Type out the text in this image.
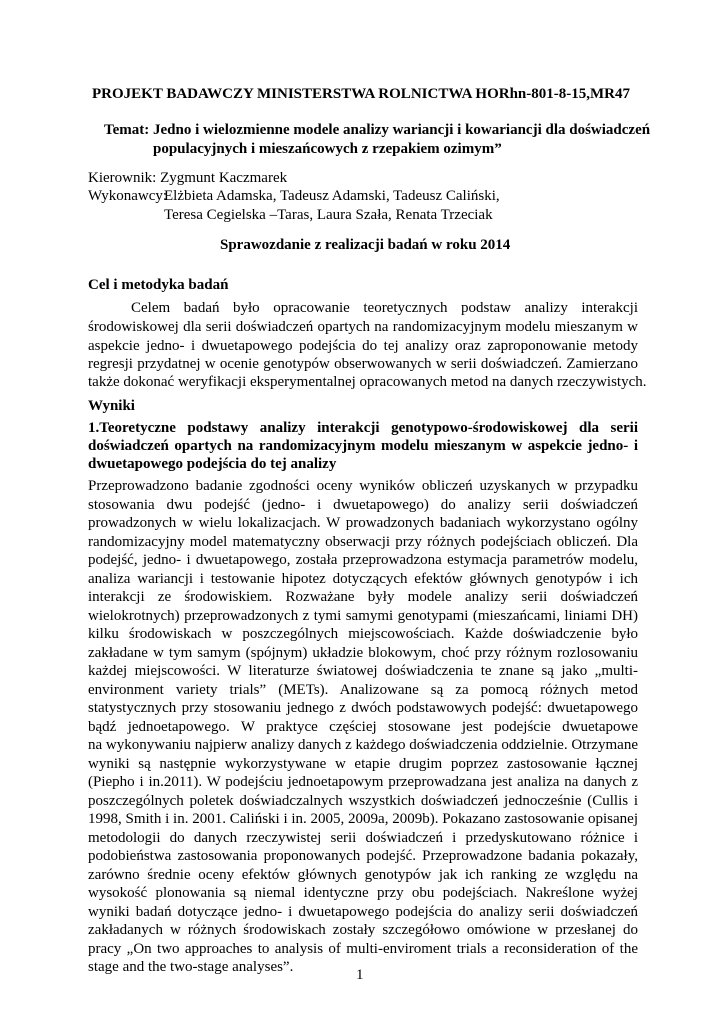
PROJEKT BADAWCZY MINISTERSTWA ROLNICTWA HORhn-801-8-15,MR47
Temat: Jedno i wielozmienne modele analizy wariancji i kowariancji dla doświadczeń
populacyjnych i mieszańcowych z rzepakiem ozimym”
Kierownik: Zygmunt Kaczmarek
Wykonawcy:
Elżbieta Adamska, Tadeusz Adamski, Tadeusz Caliński,
Teresa Cegielska –Taras, Laura Szała, Renata Trzeciak
Sprawozdanie z realizacji badań w roku 2014
Cel i metodyka badań
Celem badań było opracowanie teoretycznych podstaw analizy interakcji
środowiskowej dla serii doświadczeń opartych na randomizacyjnym modelu mieszanym w
aspekcie jedno- i dwuetapowego podejścia do tej analizy oraz zaproponowanie metody
regresji przydatnej w ocenie genotypów obserwowanych w serii doświadczeń. Zamierzano
także dokonać weryfikacji eksperymentalnej opracowanych metod na danych rzeczywistych.
Wyniki
1.Teoretyczne podstawy analizy interakcji genotypowo-środowiskowej dla serii
doświadczeń opartych na randomizacyjnym modelu mieszanym w aspekcie jedno- i
dwuetapowego podejścia do tej analizy
Przeprowadzono badanie zgodności oceny wyników obliczeń uzyskanych w przypadku
stosowania dwu podejść (jedno- i dwuetapowego) do analizy serii doświadczeń
prowadzonych w wielu lokalizacjach. W prowadzonych badaniach wykorzystano ogólny
randomizacyjny model matematyczny obserwacji przy różnych podejściach obliczeń. Dla
podejść, jedno- i dwuetapowego, została przeprowadzona estymacja parametrów modelu,
analiza wariancji i testowanie hipotez dotyczących efektów głównych genotypów i ich
interakcji ze środowiskiem. Rozważane były modele analizy serii doświadczeń
wielokrotnych) przeprowadzonych z tymi samymi genotypami (mieszańcami, liniami DH)
kilku środowiskach w poszczególnych miejscowościach. Każde doświadczenie było
zakładane w tym samym (spójnym) układzie blokowym, choć przy różnym rozlosowaniu
każdej miejscowości. W literaturze światowej doświadczenia te znane są jako „multi-
environment variety trials” (METs). Analizowane są za pomocą różnych metod
statystycznych przy stosowaniu jednego z dwóch podstawowych podejść: dwuetapowego
bądź jednoetapowego. W praktyce częściej stosowane jest podejście dwuetapowe
na wykonywaniu najpierw analizy danych z każdego doświadczenia oddzielnie. Otrzymane
wyniki są następnie wykorzystywane w etapie drugim poprzez zastosowanie łącznej
(Piepho i in.2011). W podejściu jednoetapowym przeprowadzana jest analiza na danych z
poszczególnych poletek doświadczalnych wszystkich doświadczeń jednocześnie (Cullis i
1998, Smith i in. 2001. Caliński i in. 2005, 2009a, 2009b). Pokazano zastosowanie opisanej
metodologii do danych rzeczywistej serii doświadczeń i przedyskutowano różnice i
podobieństwa zastosowania proponowanych podejść. Przeprowadzone badania pokazały,
zarówno średnie oceny efektów głównych genotypów jak ich ranking ze względu na
wysokość plonowania są niemal identyczne przy obu podejściach. Nakreślone wyżej
wyniki badań dotyczące jedno- i dwuetapowego podejścia do analizy serii doświadczeń
zakładanych w różnych środowiskach zostały szczegółowo omówione w przesłanej do
pracy „On two approaches to analysis of multi-enviroment trials a reconsideration of the
stage and the two-stage analyses”.	1
